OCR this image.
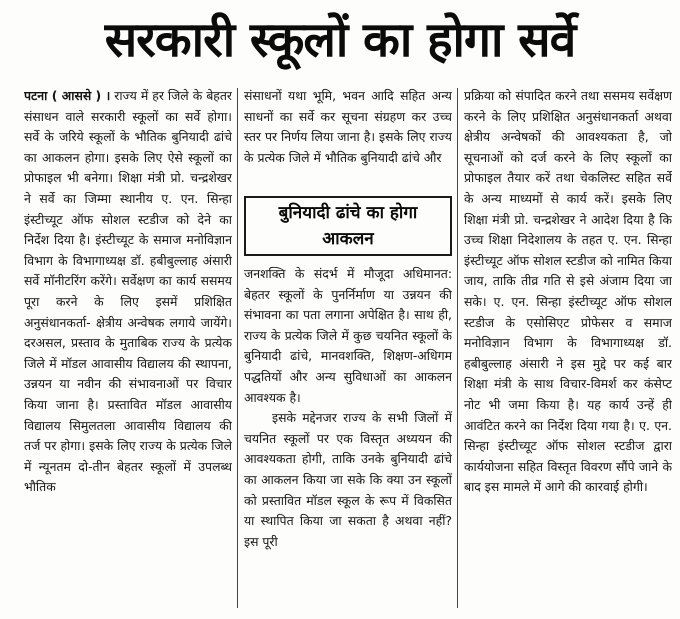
सरकारी स्कूलों का होगा सर्वे

पटना ( आससे ) । राज्य में हर जिले के बेहतर संसाधन वाले सरकारी स्कूलों का सर्वे होगा। सर्वे के जरिये स्कूलों के भौतिक बुनियादी ढांचे का आकलन होगा। इसके लिए ऐसे स्कूलों का प्रोफाइल भी बनेगा। शिक्षा मंत्री प्रो. चन्द्रशेखर ने सर्वे का जिम्मा स्थानीय ए. एन. सिन्हा इंस्टीच्यूट ऑफ सोशल स्टडीज को देने का निर्देश दिया है। इंस्टीच्यूट के समाज मनोविज्ञान विभाग के विभागाध्यक्ष डॉ. हबीबुल्लाह अंसारी सर्वे मॉनीटरिंग करेंगे। सर्वेक्षण का कार्य ससमय पूरा करने के लिए इसमें प्रशिक्षित अनुसंधानकर्ता- क्षेत्रीय अन्वेषक लगाये जायेंगे। दरअसल, प्रस्ताव के मुताबिक राज्य के प्रत्येक जिले में मॉडल आवासीय विद्यालय की स्थापना, उन्नयन या नवीन की संभावनाओं पर विचार किया जाना है। प्रस्तावित मॉडल आवासीय विद्यालय सिमुलतला आवासीय विद्यालय की तर्ज पर होगा। इसके लिए राज्य के प्रत्येक जिले में न्यूनतम दो-तीन बेहतर स्कूलों में उपलब्ध भौतिक

संसाधनों यथा भूमि, भवन आदि सहित अन्य साधनों का सर्वे कर सूचना संग्रहण कर उच्च स्तर पर निर्णय लिया जाना है। इसके लिए राज्य के प्रत्येक जिले में भौतिक बुनियादी ढांचे और

बुनियादी ढांचे का होगा आकलन

जनशक्ति के संदर्भ में मौजूदा अधिमानत: बेहतर स्कूलों के पुनर्निर्माण या उन्नयन की संभावना का पता लगाना अपेक्षित है। साथ ही, राज्य के प्रत्येक जिले में कुछ चयनित स्कूलों के बुनियादी ढांचे, मानवशक्ति, शिक्षण-अधिगम पद्धतियों और अन्य सुविधाओं का आकलन आवश्यक है।

इसके मद्देनजर राज्य के सभी जिलों में चयनित स्कूलों पर एक विस्तृत अध्ययन की आवश्यकता होगी, ताकि उनके बुनियादी ढांचे का आकलन किया जा सके कि क्या उन स्कूलों को प्रस्तावित मॉडल स्कूल के रूप में विकसित या स्थापित किया जा सकता है अथवा नहीं? इस पूरी

प्रक्रिया को संपादित करने तथा ससमय सर्वेक्षण करने के लिए प्रशिक्षित अनुसंधानकर्ता अथवा क्षेत्रीय अन्वेषकों की आवश्यकता है, जो सूचनाओं को दर्ज करने के लिए स्कूलों का प्रोफाइल तैयार करें तथा चेकलिस्ट सहित सर्वे के अन्य माध्यमों से कार्य करें। इसके लिए शिक्षा मंत्री प्रो. चन्द्रशेखर ने आदेश दिया है कि उच्च शिक्षा निदेशालय के तहत ए. एन. सिन्हा इंस्टीच्यूट ऑफ सोशल स्टडीज को नामित किया जाय, ताकि तीव्र गति से इसे अंजाम दिया जा सके। ए. एन. सिन्हा इंस्टीच्यूट ऑफ सोशल स्टडीज के एसोसिएट प्रोफेसर व समाज मनोविज्ञान विभाग के विभागाध्यक्ष डॉ. हबीबुल्लाह अंसारी ने इस मुद्दे पर कई बार शिक्षा मंत्री के साथ विचार-विमर्श कर कंसेप्ट नोट भी जमा किया है। यह कार्य उन्हें ही आवंटित करने का निर्देश दिया गया है। ए. एन. सिन्हा इंस्टीच्यूट ऑफ सोशल स्टडीज द्वारा कार्ययोजना सहित विस्तृत विवरण सौंपे जाने के बाद इस मामले में आगे की कारवाई होगी।
